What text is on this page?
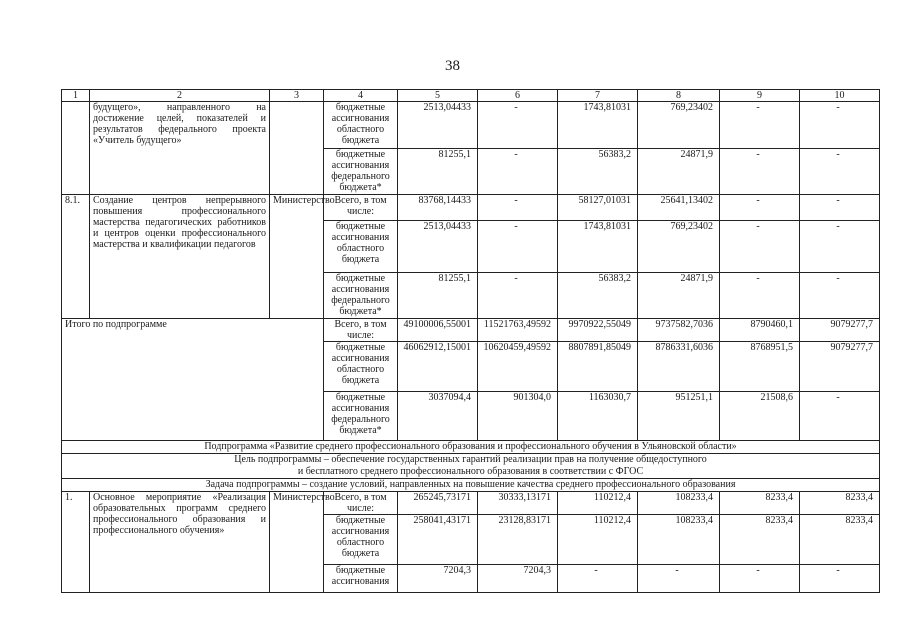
38
1	2	3	4	5	6	7	8	9	10
	будущего», направленного на достижение целей, показателей и результатов федерального проекта «Учитель будущего»		бюджетные ассигнования областного бюджета	2513,04433	-	1743,81031	769,23402	-	-
			бюджетные ассигнования федерального бюджета*	81255,1	-	56383,2	24871,9	-	-
8.1.	Создание центров непрерывного повышения профессионального мастерства педагогических работников и центров оценки профессионального мастерства и квалификации педагогов	Министерство	Всего, в том числе:	83768,14433	-	58127,01031	25641,13402	-	-
			бюджетные ассигнования областного бюджета	2513,04433	-	1743,81031	769,23402	-	-
			бюджетные ассигнования федерального бюджета*	81255,1	-	56383,2	24871,9	-	-
Итого по подпрограмме			Всего, в том числе:	49100006,55001	11521763,49592	9970922,55049	9737582,7036	8790460,1	9079277,7
			бюджетные ассигнования областного бюджета	46062912,15001	10620459,49592	8807891,85049	8786331,6036	8768951,5	9079277,7
			бюджетные ассигнования федерального бюджета*	3037094,4	901304,0	1163030,7	951251,1	21508,6	-
Подпрограмма «Развитие среднего профессионального образования и профессионального обучения в Ульяновской области»									

Цель подпрограммы – обеспечение государственных гарантий реализации прав на получение общедоступного
и бесплатного среднего профессионального образования в соответствии с ФГОС									

Задача подпрограммы – создание условий, направленных на повышение качества среднего профессионального образования									
1.	Основное мероприятие «Реализация образовательных программ среднего профессионального образования и профессионального обучения»	Министерство	Всего, в том числе:	265245,73171	30333,13171	110212,4	108233,4	8233,4	8233,4
			бюджетные ассигнования областного бюджета	258041,43171	23128,83171	110212,4	108233,4	8233,4	8233,4
			бюджетные ассигнования	7204,3	7204,3	-	-	-	-
